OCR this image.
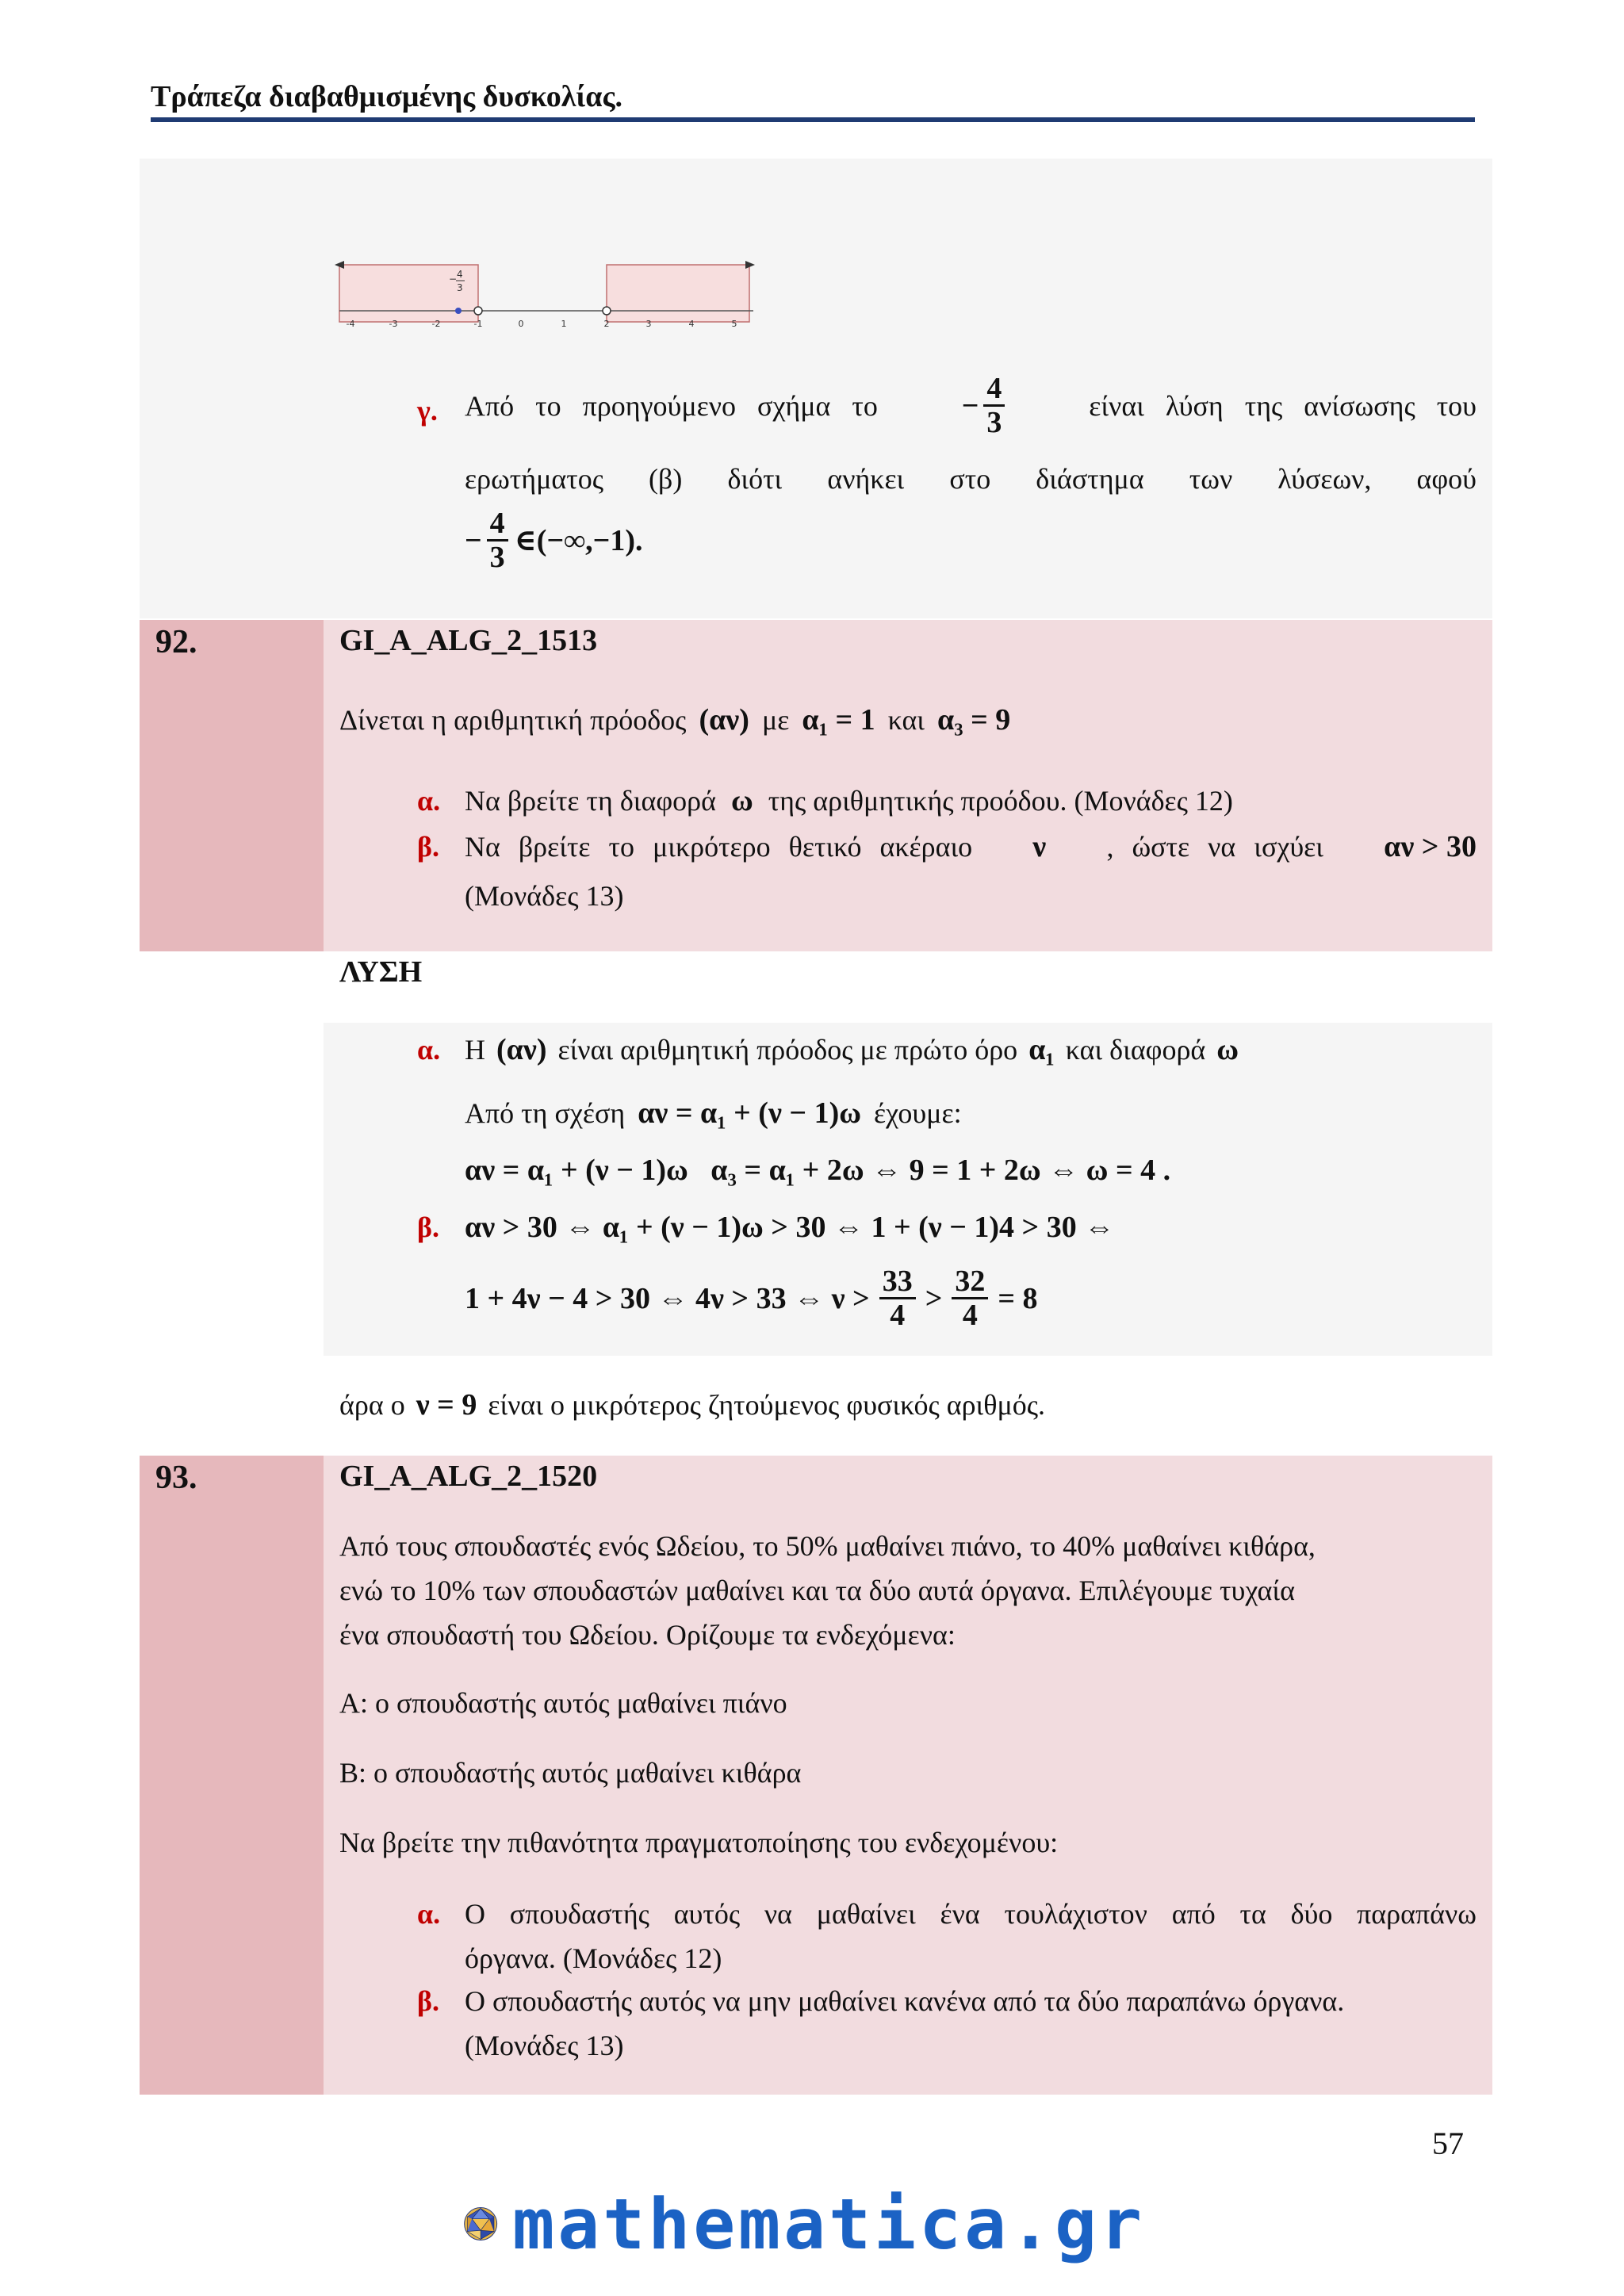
Τράπεζα διαβαθμισμένης δυσκολίας.
-4	-3	-2	-1	0	1	2	3	4	5
− 4
3
γ. Από το προηγούμενο σχήμα το	− $\frac{4}{3}$	είναι λύση της ανίσωσης του
ερωτήματος (β) διότι ανήκει στο διάστημα των λύσεων, αφού
− $\frac{4}{3}$ ∈(−∞,−1).
92.	GI_A_ALG_2_1513
Δίνεται η αριθμητική πρόοδος (αν) με α₁ = 1 και α₃ = 9
α. Να βρείτε τη διαφορά ω της αριθμητικής προόδου. (Μονάδες 12)
β. Να βρείτε το μικρότερο θετικό ακέραιο ν , ώστε να ισχύει αν > 30
(Μονάδες 13)
ΛΥΣΗ
α. Η (αν) είναι αριθμητική πρόοδος με πρώτο όρο α₁ και διαφορά ω
Από τη σχέση αν = α₁ + (ν − 1)ω έχουμε:
αν = α₁ + (ν − 1)ω   α₃ = α₁ + 2ω ⇔ 9 = 1 + 2ω ⇔ ω = 4 .
β. αν > 30 ⇔ α₁ + (ν − 1)ω > 30 ⇔ 1 + (ν − 1)4 > 30 ⇔
1 + 4ν − 4 > 30 ⇔ 4ν > 33 ⇔ $\nu > \frac{33}{4} > \frac{32}{4} = 8$
άρα ο ν = 9 είναι ο μικρότερος ζητούμενος φυσικός αριθμός.
93.	GI_A_ALG_2_1520
Από τους σπουδαστές ενός Ωδείου, το 50% μαθαίνει πιάνο, το 40% μαθαίνει κιθάρα,
ενώ το 10% των σπουδαστών μαθαίνει και τα δύο αυτά όργανα. Επιλέγουμε τυχαία
ένα σπουδαστή του Ωδείου. Ορίζουμε τα ενδεχόμενα:
Α: ο σπουδαστής αυτός μαθαίνει πιάνο
Β: ο σπουδαστής αυτός μαθαίνει κιθάρα
Να βρείτε την πιθανότητα πραγματοποίησης του ενδεχομένου:
α. Ο σπουδαστής αυτός να μαθαίνει ένα τουλάχιστον από τα δύο παραπάνω
όργανα. (Μονάδες 12)
β. Ο σπουδαστής αυτός να μην μαθαίνει κανένα από τα δύο παραπάνω όργανα.
(Μονάδες 13)
57
mathematica.gr
